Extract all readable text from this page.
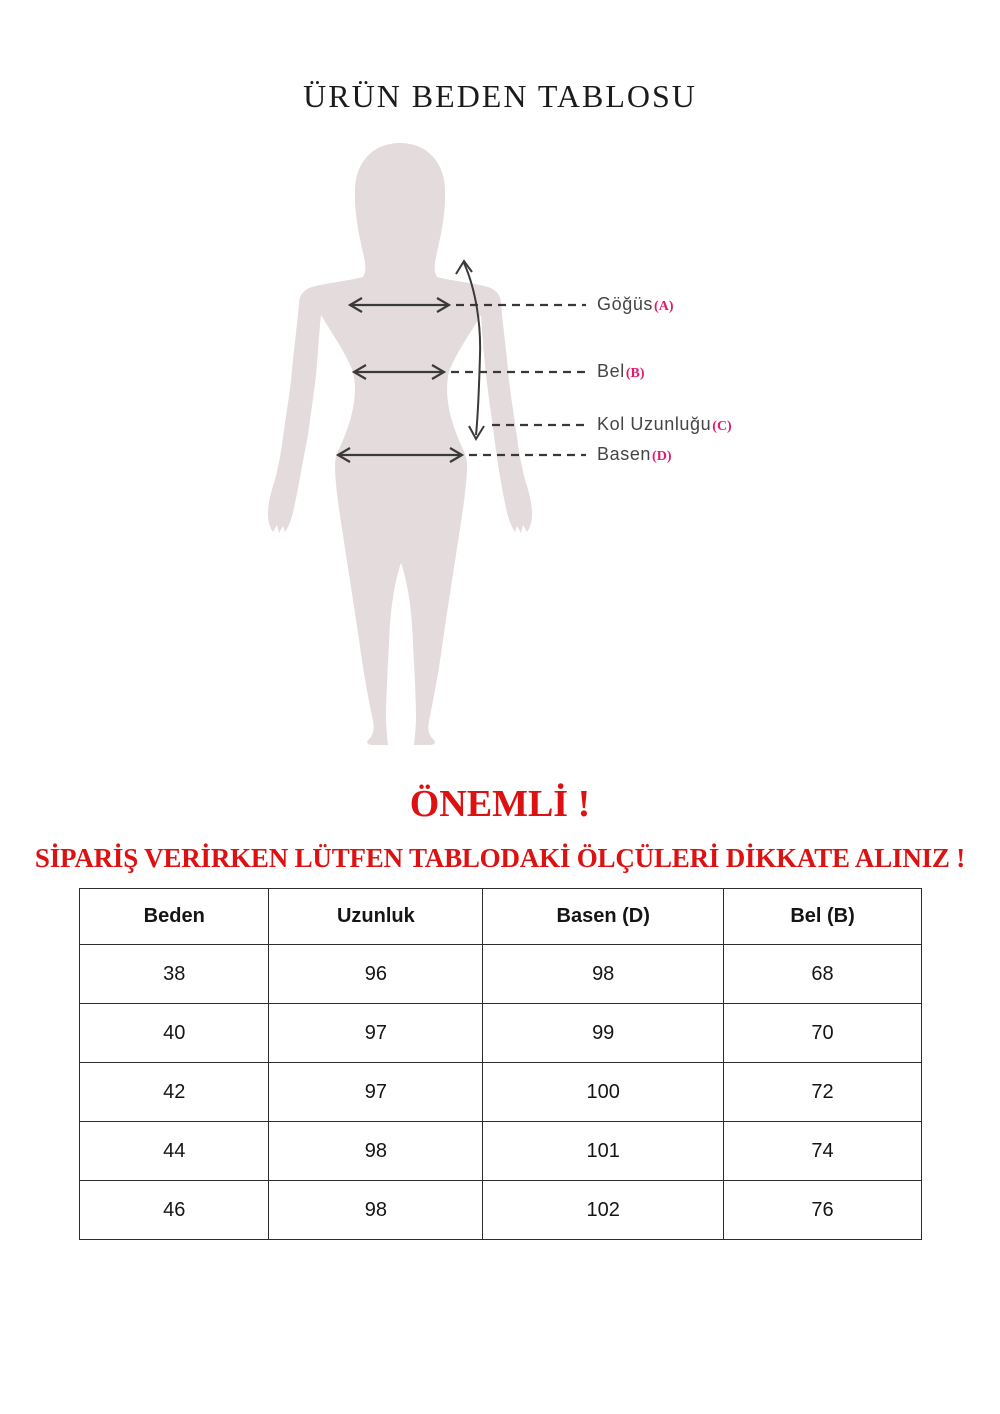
ÜRÜN BEDEN TABLOSU
Göğüs (A)
Bel (B)
Kol Uzunluğu (C)
Basen (D)
ÖNEMLİ !
SİPARİŞ VERİRKEN LÜTFEN TABLODAKİ ÖLÇÜLERİ DİKKATE ALINIZ !
Beden	Uzunluk	Basen (D)	Bel (B)
38	96	98	68
40	97	99	70
42	97	100	72
44	98	101	74
46	98	102	76
